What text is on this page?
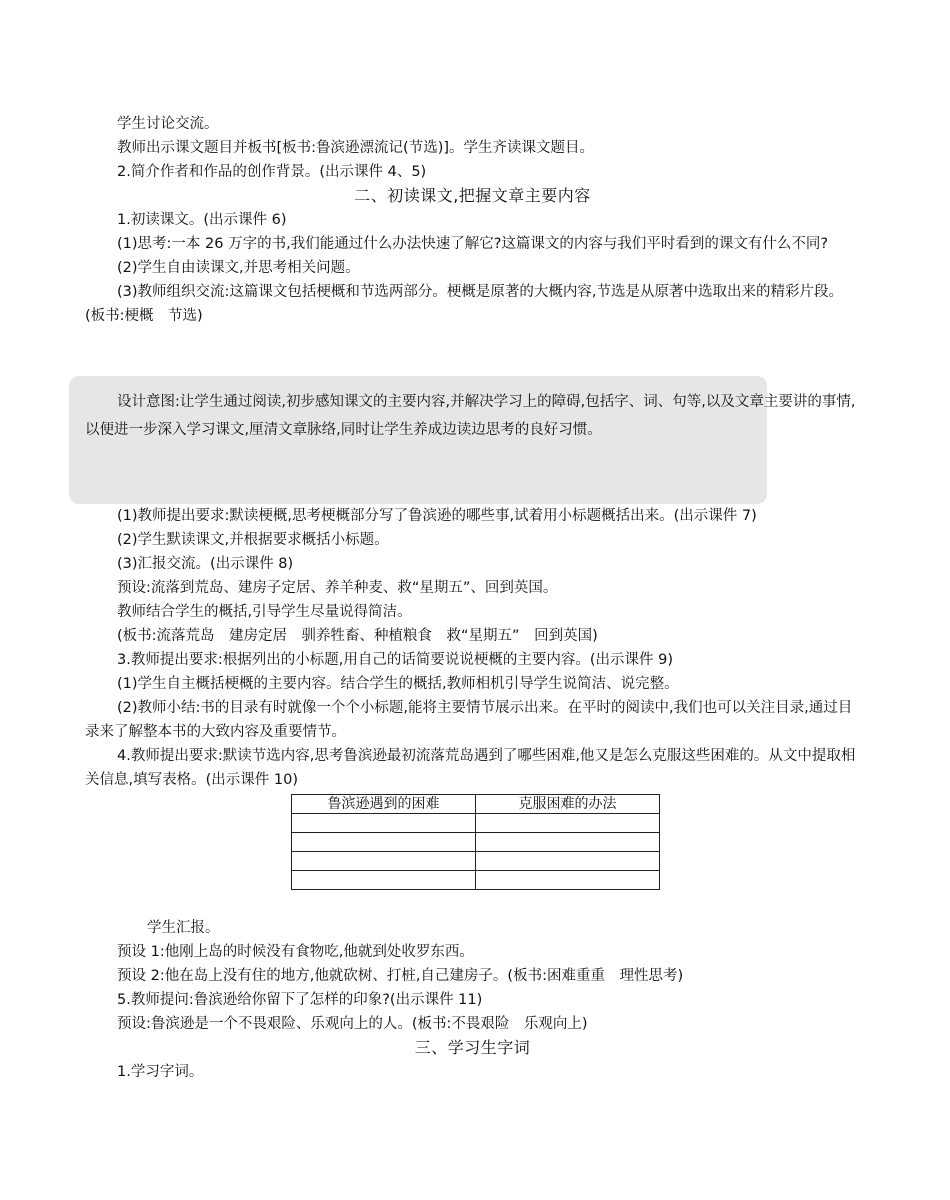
学生讨论交流。

教师出示课文题目并板书[板书:鲁滨逊漂流记(节选)]。学生齐读课文题目。

2.简介作者和作品的创作背景。(出示课件 4、5)

二、初读课文,把握文章主要内容

1.初读课文。(出示课件 6)

(1)思考:一本 26 万字的书,我们能通过什么办法快速了解它?这篇课文的内容与我们平时看到的课文有什么不同?

(2)学生自由读课文,并思考相关问题。

(3)教师组织交流:这篇课文包括梗概和节选两部分。梗概是原著的大概内容,节选是从原著中选取出来的精彩片段。(板书:梗概　节选)

设计意图:让学生通过阅读,初步感知课文的主要内容,并解决学习上的障碍,包括字、词、句等,以及文章主要讲的事情,以便进一步深入学习课文,厘清文章脉络,同时让学生养成边读边思考的良好习惯。

(1)教师提出要求:默读梗概,思考梗概部分写了鲁滨逊的哪些事,试着用小标题概括出来。(出示课件 7)

(2)学生默读课文,并根据要求概括小标题。

(3)汇报交流。(出示课件 8)

预设:流落到荒岛、建房子定居、养羊种麦、救“星期五”、回到英国。

教师结合学生的概括,引导学生尽量说得简洁。

(板书:流落荒岛　建房定居　驯养牲畜、种植粮食　救“星期五”　回到英国)

3.教师提出要求:根据列出的小标题,用自己的话简要说说梗概的主要内容。(出示课件 9)

(1)学生自主概括梗概的主要内容。结合学生的概括,教师相机引导学生说简洁、说完整。

(2)教师小结:书的目录有时就像一个个小标题,能将主要情节展示出来。在平时的阅读中,我们也可以关注目录,通过目录来了解整本书的大致内容及重要情节。

4.教师提出要求:默读节选内容,思考鲁滨逊最初流落荒岛遇到了哪些困难,他又是怎么克服这些困难的。从文中提取相关信息,填写表格。(出示课件 10)

鲁滨逊遇到的困难	克服困难的办法

学生汇报。

预设 1:他刚上岛的时候没有食物吃,他就到处收罗东西。

预设 2:他在岛上没有住的地方,他就砍树、打桩,自己建房子。(板书:困难重重　理性思考)

5.教师提问:鲁滨逊给你留下了怎样的印象?(出示课件 11)

预设:鲁滨逊是一个不畏艰险、乐观向上的人。(板书:不畏艰险　乐观向上)

三、学习生字词

1.学习字词。
